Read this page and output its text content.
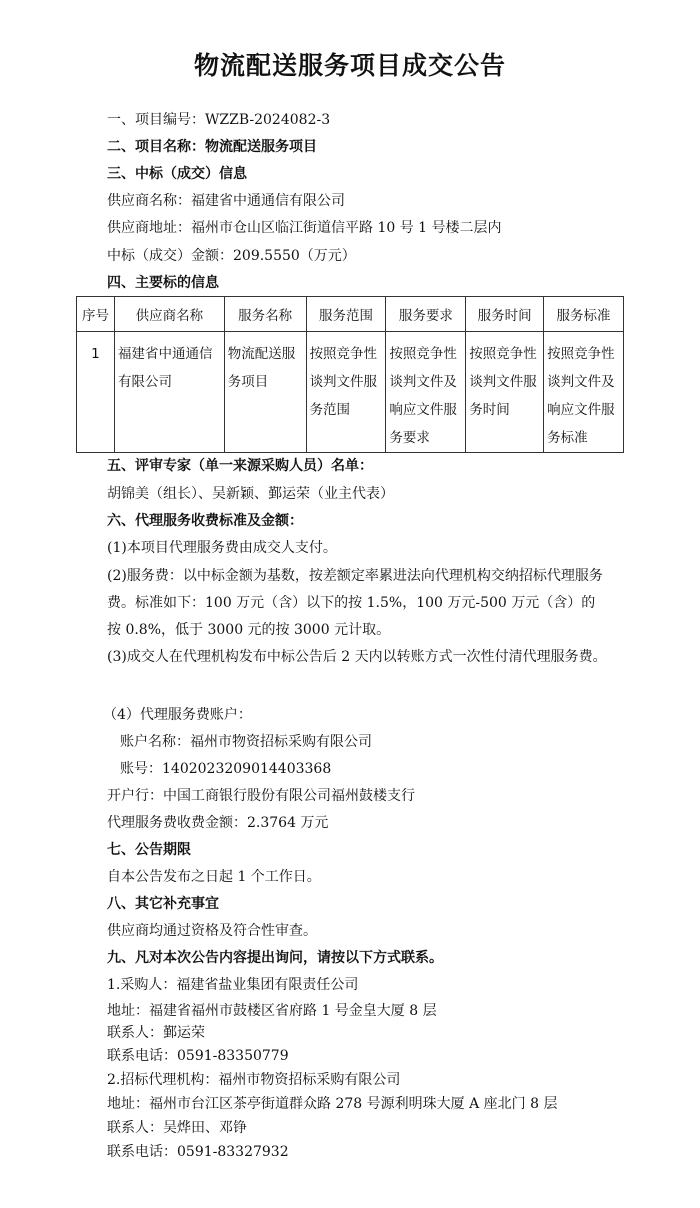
物流配送服务项目成交公告
一、项目编号：WZZB-2024082-3
二、项目名称：物流配送服务项目
三、中标（成交）信息
供应商名称：福建省中通通信有限公司
供应商地址：福州市仓山区临江街道信平路 10 号 1 号楼二层内
中标（成交）金额：209.5550（万元）
四、主要标的信息
序号	供应商名称	服务名称	服务范围	服务要求	服务时间	服务标准
1	福建省中通通信有限公司	物流配送服务项目	按照竞争性谈判文件服务范围	按照竞争性谈判文件及响应文件服务要求	按照竞争性谈判文件服务时间	按照竞争性谈判文件及响应文件服务标准
五、评审专家（单一来源采购人员）名单：
胡锦美（组长）、吴新颖、鄞运荣（业主代表）
六、代理服务收费标准及金额：
(1)本项目代理服务费由成交人支付。
(2)服务费：以中标金额为基数，按差额定率累进法向代理机构交纳招标代理服务费。标准如下：100 万元（含）以下的按 1.5%，100 万元-500 万元（含）的按 0.8%，低于 3000 元的按 3000 元计取。
(3)成交人在代理机构发布中标公告后 2 天内以转账方式一次性付清代理服务费。
（4）代理服务费账户：
账户名称：福州市物资招标采购有限公司
账号：1402023209014403368
开户行：中国工商银行股份有限公司福州鼓楼支行
代理服务费收费金额：2.3764 万元
七、公告期限
自本公告发布之日起 1 个工作日。
八、其它补充事宜
供应商均通过资格及符合性审查。
九、凡对本次公告内容提出询问，请按以下方式联系。
1.采购人：福建省盐业集团有限责任公司
地址：福建省福州市鼓楼区省府路 1 号金皇大厦 8 层
联系人：鄞运荣
联系电话：0591-83350779
2.招标代理机构：福州市物资招标采购有限公司
地址：福州市台江区茶亭街道群众路 278 号源利明珠大厦 A 座北门 8 层
联系人：吴烨田、邓铮
联系电话：0591-83327932
